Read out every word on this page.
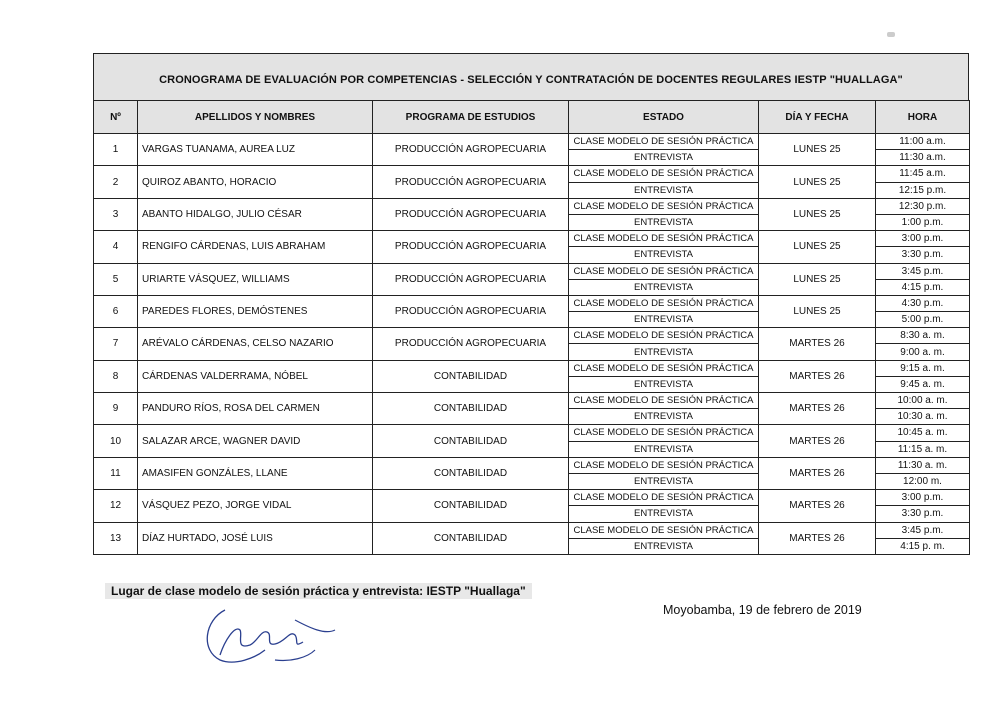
CRONOGRAMA DE EVALUACIÓN POR COMPETENCIAS - SELECCIÓN Y CONTRATACIÓN DE DOCENTES REGULARES IESTP "HUALLAGA"
Nº	APELLIDOS Y NOMBRES	PROGRAMA DE ESTUDIOS	ESTADO	DÍA Y FECHA	HORA
1	VARGAS TUANAMA, AUREA LUZ	PRODUCCIÓN AGROPECUARIA	CLASE MODELO DE SESIÓN PRÁCTICA	LUNES 25	11:00 a.m.
			ENTREVISTA		11:30 a.m.
2	QUIROZ ABANTO, HORACIO	PRODUCCIÓN AGROPECUARIA	CLASE MODELO DE SESIÓN PRÁCTICA	LUNES 25	11:45 a.m.
			ENTREVISTA		12:15 p.m.
3	ABANTO HIDALGO, JULIO CÉSAR	PRODUCCIÓN AGROPECUARIA	CLASE MODELO DE SESIÓN PRÁCTICA	LUNES 25	12:30 p.m.
			ENTREVISTA		1:00 p.m.
4	RENGIFO CÁRDENAS, LUIS ABRAHAM	PRODUCCIÓN AGROPECUARIA	CLASE MODELO DE SESIÓN PRÁCTICA	LUNES 25	3:00 p.m.
			ENTREVISTA		3:30 p.m.
5	URIARTE VÁSQUEZ, WILLIAMS	PRODUCCIÓN AGROPECUARIA	CLASE MODELO DE SESIÓN PRÁCTICA	LUNES 25	3:45 p.m.
			ENTREVISTA		4:15 p.m.
6	PAREDES FLORES, DEMÓSTENES	PRODUCCIÓN AGROPECUARIA	CLASE MODELO DE SESIÓN PRÁCTICA	LUNES 25	4:30 p.m.
			ENTREVISTA		5:00 p.m.
7	ARÉVALO CÁRDENAS, CELSO NAZARIO	PRODUCCIÓN AGROPECUARIA	CLASE MODELO DE SESIÓN PRÁCTICA	MARTES 26	8:30 a. m.
			ENTREVISTA		9:00 a. m.
8	CÁRDENAS VALDERRAMA, NÓBEL	CONTABILIDAD	CLASE MODELO DE SESIÓN PRÁCTICA	MARTES 26	9:15 a. m.
			ENTREVISTA		9:45 a. m.
9	PANDURO RÍOS, ROSA DEL CARMEN	CONTABILIDAD	CLASE MODELO DE SESIÓN PRÁCTICA	MARTES 26	10:00 a. m.
			ENTREVISTA		10:30 a. m.
10	SALAZAR ARCE, WAGNER DAVID	CONTABILIDAD	CLASE MODELO DE SESIÓN PRÁCTICA	MARTES 26	10:45 a. m.
			ENTREVISTA		11:15 a. m.
11	AMASIFEN GONZÁLES, LLANE	CONTABILIDAD	CLASE MODELO DE SESIÓN PRÁCTICA	MARTES 26	11:30 a. m.
			ENTREVISTA		12:00 m.
12	VÁSQUEZ PEZO, JORGE VIDAL	CONTABILIDAD	CLASE MODELO DE SESIÓN PRÁCTICA	MARTES 26	3:00 p.m.
			ENTREVISTA		3:30 p.m.
13	DÍAZ HURTADO, JOSÉ LUIS	CONTABILIDAD	CLASE MODELO DE SESIÓN PRÁCTICA	MARTES 26	3:45 p.m.
			ENTREVISTA		4:15 p. m.
Lugar de clase modelo de sesión práctica y entrevista: IESTP "Huallaga"
Moyobamba, 19 de febrero de 2019
